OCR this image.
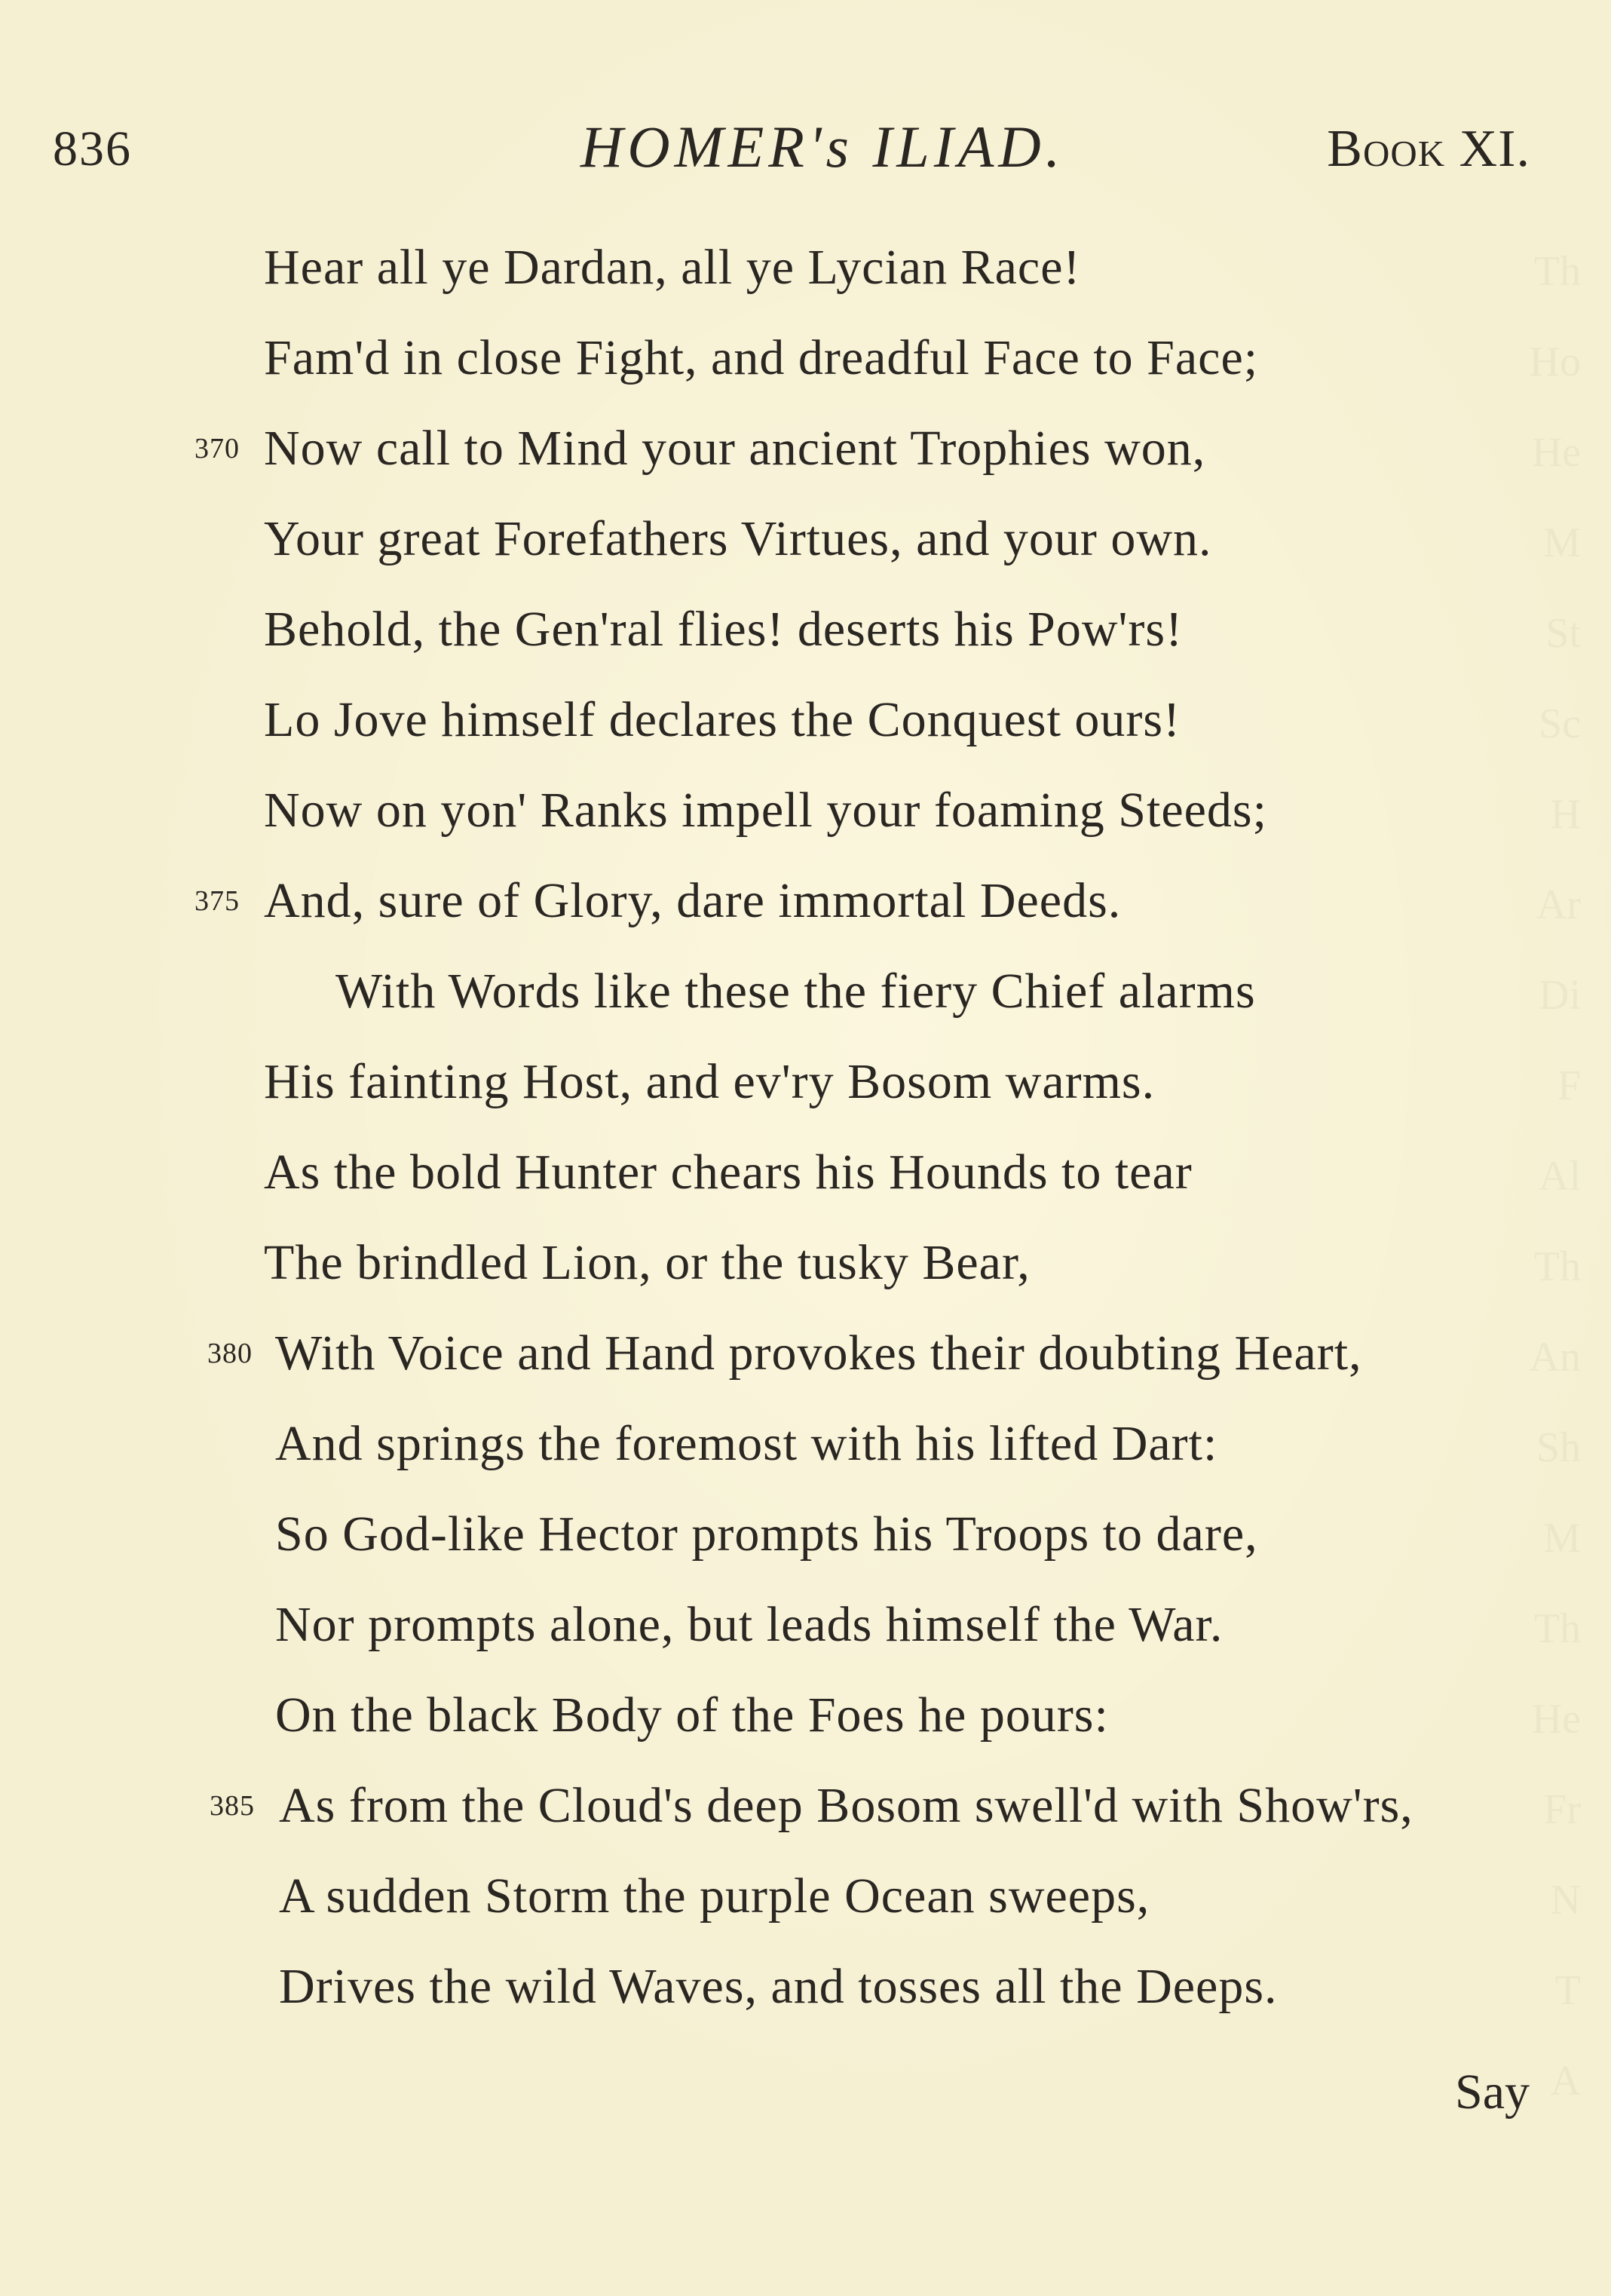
Th
Ho
He
M
St
Sc
H
Ar
Di
F
Al
Th
An
Sh
M
Th
He
Fr
N
T
A
836	HOMER's ILIAD.	Book XI.
Hear all ye Dardan, all ye Lycian Race!
Fam'd in close Fight, and dreadful Face to Face;
370 Now call to Mind your ancient Trophies won,
Your great Forefathers Virtues, and your own.
Behold, the Gen'ral flies! deserts his Pow'rs!
Lo Jove himself declares the Conquest ours!
Now on yon' Ranks impell your foaming Steeds;
375 And, sure of Glory, dare immortal Deeds.
With Words like these the fiery Chief alarms
His fainting Host, and ev'ry Bosom warms.
As the bold Hunter chears his Hounds to tear
The brindled Lion, or the tusky Bear,
380 With Voice and Hand provokes their doubting Heart,
And springs the foremost with his lifted Dart:
So God-like Hector prompts his Troops to dare,
Nor prompts alone, but leads himself the War.
On the black Body of the Foes he pours:
385 As from the Cloud's deep Bosom swell'd with Show'rs,
A sudden Storm the purple Ocean sweeps,
Drives the wild Waves, and tosses all the Deeps.
Say
